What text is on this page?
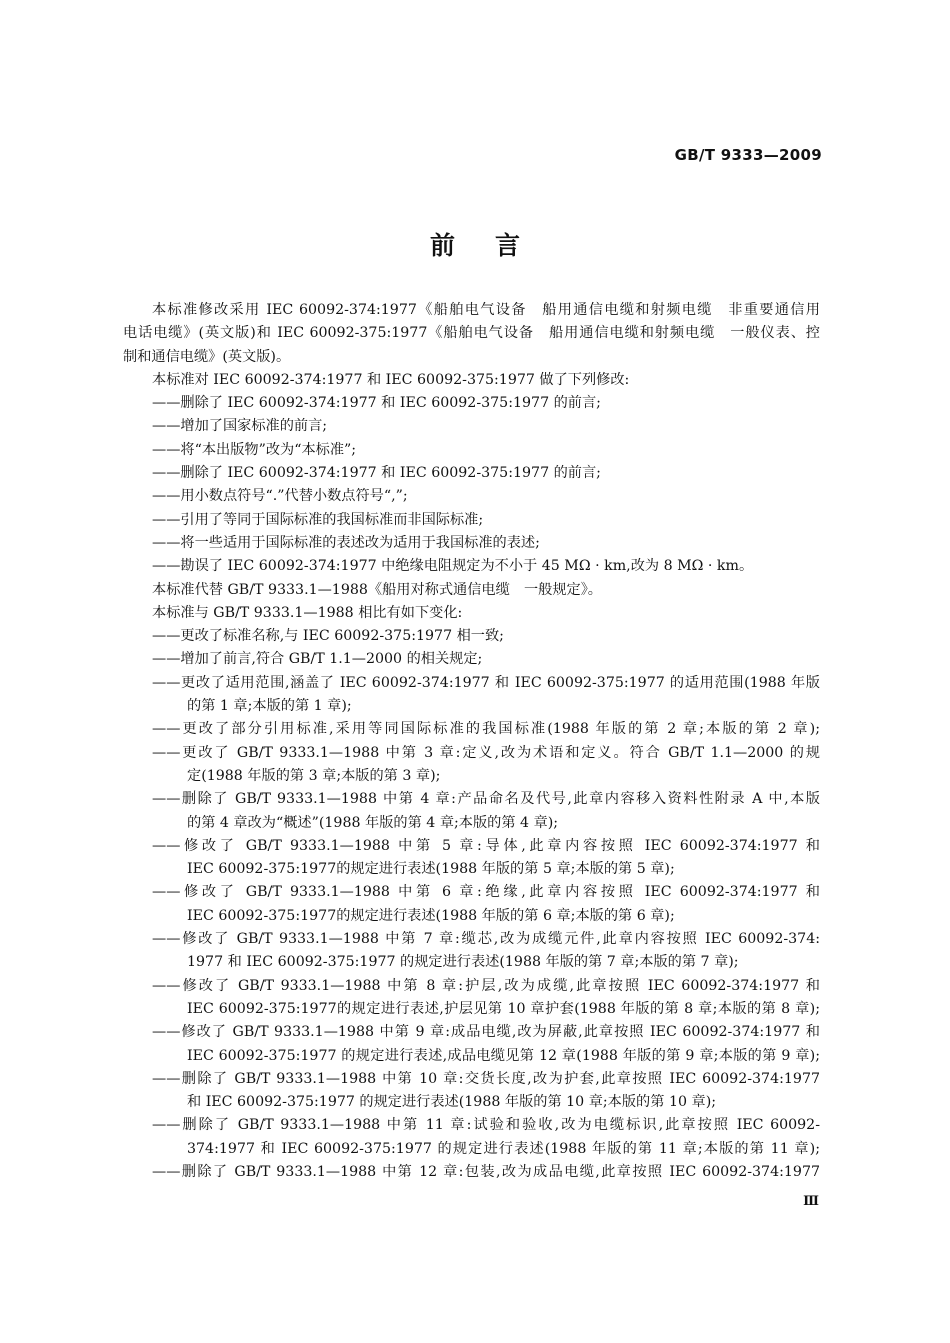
GB/T 9333—2009
前言
本标准修改采用 IEC 60092-374:1977《船舶电气设备　船用通信电缆和射频电缆　非重要通信用
电话电缆》(英文版)和 IEC 60092-375:1977《船舶电气设备　船用通信电缆和射频电缆　一般仪表、控
制和通信电缆》(英文版)。
本标准对 IEC 60092-374:1977 和 IEC 60092-375:1977 做了下列修改:
——删除了 IEC 60092-374:1977 和 IEC 60092-375:1977 的前言;
——增加了国家标准的前言;
——将“本出版物”改为“本标准”;
——删除了 IEC 60092-374:1977 和 IEC 60092-375:1977 的前言;
——用小数点符号“.”代替小数点符号“,”;
——引用了等同于国际标准的我国标准而非国际标准;
——将一些适用于国际标准的表述改为适用于我国标准的表述;
——勘误了 IEC 60092-374:1977 中绝缘电阻规定为不小于 45 MΩ · km,改为 8 MΩ · km。
本标准代替 GB/T 9333.1—1988《船用对称式通信电缆　一般规定》。
本标准与 GB/T 9333.1—1988 相比有如下变化:
——更改了标准名称,与 IEC 60092-375:1977 相一致;
——增加了前言,符合 GB/T 1.1—2000 的相关规定;
——更改了适用范围,涵盖了 IEC 60092-374:1977 和 IEC 60092-375:1977 的适用范围(1988 年版
的第 1 章;本版的第 1 章);
——更改了部分引用标准,采用等同国际标准的我国标准(1988 年版的第 2 章;本版的第 2 章);
——更改了 GB/T 9333.1—1988 中第 3 章:定义,改为术语和定义。符合 GB/T 1.1—2000 的规
定(1988 年版的第 3 章;本版的第 3 章);
——删除了 GB/T 9333.1—1988 中第 4 章:产品命名及代号,此章内容移入资料性附录 A 中,本版
的第 4 章改为“概述”(1988 年版的第 4 章;本版的第 4 章);
——修改了 GB/T 9333.1—1988 中第 5 章:导体,此章内容按照 IEC 60092-374:1977 和
IEC 60092-375:1977的规定进行表述(1988 年版的第 5 章;本版的第 5 章);
——修改了 GB/T 9333.1—1988 中第 6 章:绝缘,此章内容按照 IEC 60092-374:1977 和
IEC 60092-375:1977的规定进行表述(1988 年版的第 6 章;本版的第 6 章);
——修改了 GB/T 9333.1—1988 中第 7 章:缆芯,改为成缆元件,此章内容按照 IEC 60092-374:
1977 和 IEC 60092-375:1977 的规定进行表述(1988 年版的第 7 章;本版的第 7 章);
——修改了 GB/T 9333.1—1988 中第 8 章:护层,改为成缆,此章按照 IEC 60092-374:1977 和
IEC 60092-375:1977的规定进行表述,护层见第 10 章护套(1988 年版的第 8 章;本版的第 8 章);
——修改了 GB/T 9333.1—1988 中第 9 章:成品电缆,改为屏蔽,此章按照 IEC 60092-374:1977 和
IEC 60092-375:1977 的规定进行表述,成品电缆见第 12 章(1988 年版的第 9 章;本版的第 9 章);
——删除了 GB/T 9333.1—1988 中第 10 章:交货长度,改为护套,此章按照 IEC 60092-374:1977
和 IEC 60092-375:1977 的规定进行表述(1988 年版的第 10 章;本版的第 10 章);
——删除了 GB/T 9333.1—1988 中第 11 章:试验和验收,改为电缆标识,此章按照 IEC 60092-
374:1977 和 IEC 60092-375:1977 的规定进行表述(1988 年版的第 11 章;本版的第 11 章);
——删除了 GB/T 9333.1—1988 中第 12 章:包装,改为成品电缆,此章按照 IEC 60092-374:1977
Ⅲ
